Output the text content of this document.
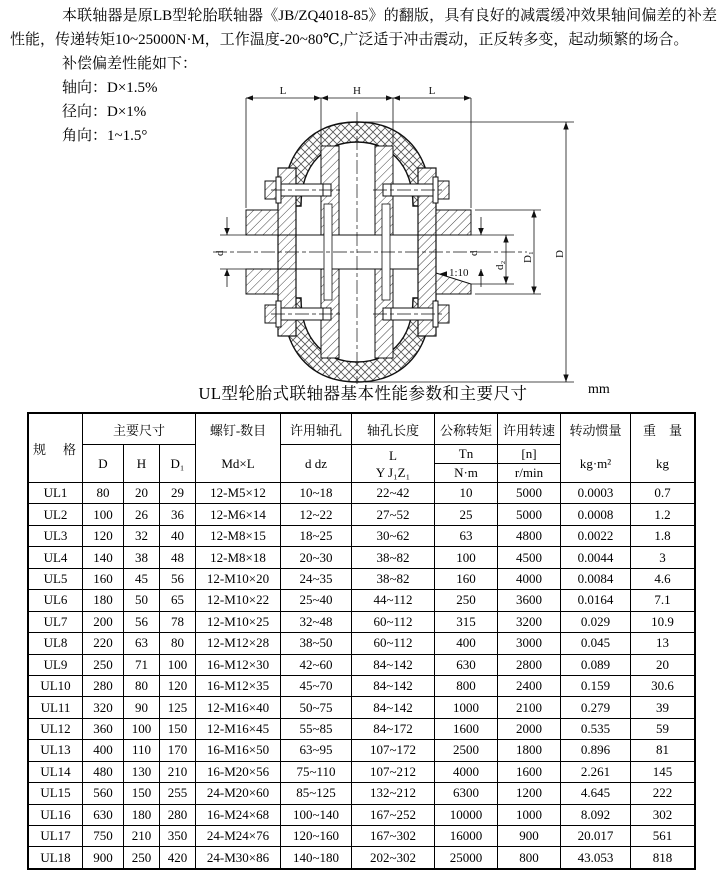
本联轴器是原LB型轮胎联轴器《JB/ZQ4018-85》的翻版，具有良好的减震缓冲效果轴间偏差的补差性能，传递转矩10~25000N·M，工作温度-20~80℃,广泛适于冲击震动，正反转多变，起动频繁的场合。

补偿偏差性能如下：
轴向：D×1.5%
径向：D×1%
角向：1~1.5°
L	H	L
d	d
d₂
D₁ D
1:10
UL型轮胎式联轴器基本性能参数和主要尺寸	mm
规　格
主要尺寸
D	H	D₁
螺钉-数目
Md×L
许用轴孔
d dz
轴孔长度
L
Y J₁Z₁
公称转矩
Tn
N·m
许用转速
[n]
r/min
转动惯量
kg·m²
重　量
kg
UL1	80	20	29	12-M5×12	10~18	22~42	10	5000	0.0003	0.7
UL2	100	26	36	12-M6×14	12~22	27~52	25	5000	0.0008	1.2
UL3	120	32	40	12-M8×15	18~25	30~62	63	4800	0.0022	1.8
UL4	140	38	48	12-M8×18	20~30	38~82	100	4500	0.0044	3
UL5	160	45	56	12-M10×20	24~35	38~82	160	4000	0.0084	4.6
UL6	180	50	65	12-M10×22	25~40	44~112	250	3600	0.0164	7.1
UL7	200	56	78	12-M10×25	32~48	60~112	315	3200	0.029	10.9
UL8	220	63	80	12-M12×28	38~50	60~112	400	3000	0.045	13
UL9	250	71	100	16-M12×30	42~60	84~142	630	2800	0.089	20
UL10	280	80	120	16-M12×35	45~70	84~142	800	2400	0.159	30.6
UL11	320	90	125	12-M16×40	50~75	84~142	1000	2100	0.279	39
UL12	360	100	150	12-M16×45	55~85	84~172	1600	2000	0.535	59
UL13	400	110	170	16-M16×50	63~95	107~172	2500	1800	0.896	81
UL14	480	130	210	16-M20×56	75~110	107~212	4000	1600	2.261	145
UL15	560	150	255	24-M20×60	85~125	132~212	6300	1200	4.645	222
UL16	630	180	280	16-M24×68	100~140	167~252	10000	1000	8.092	302
UL17	750	210	350	24-M24×76	120~160	167~302	16000	900	20.017	561
UL18	900	250	420	24-M30×86	140~180	202~302	25000	800	43.053	818
